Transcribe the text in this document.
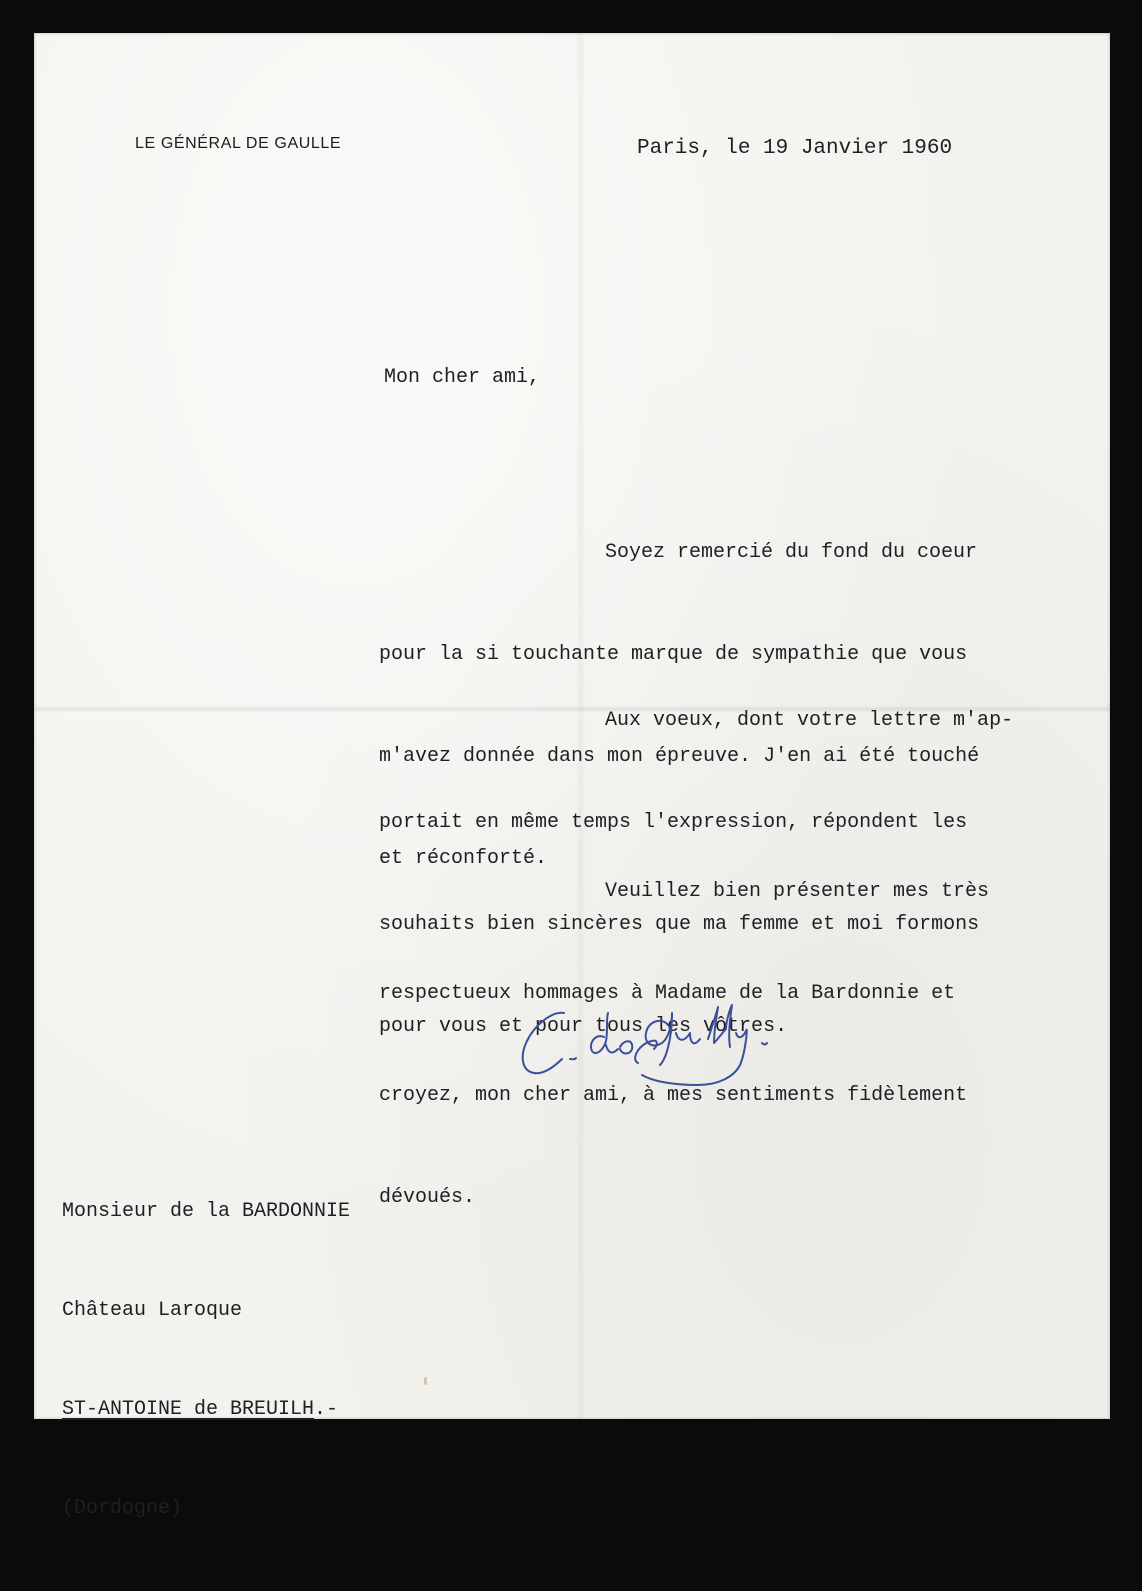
LE GÉNÉRAL DE GAULLE	Paris, le 19 Janvier 1960
Mon cher ami,

Soyez remercié du fond du coeur

pour la si touchante marque de sympathie que vous

m'avez donnée dans mon épreuve. J'en ai été touché

et réconforté.

Aux voeux, dont votre lettre m'ap-

portait en même temps l'expression, répondent les

souhaits bien sincères que ma femme et moi formons

pour vous et pour tous les vôtres.

Veuillez bien présenter mes très

respectueux hommages à Madame de la Bardonnie et

croyez, mon cher ami, à mes sentiments fidèlement

dévoués.

Monsieur de la BARDONNIE

Château Laroque

ST-ANTOINE de BREUILH.-

(Dordogne)
